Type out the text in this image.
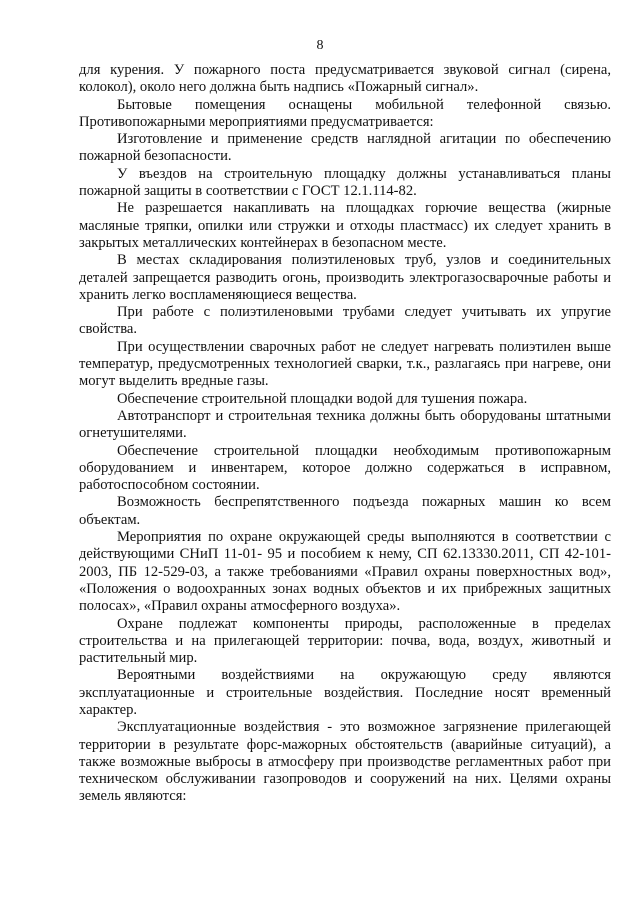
8

для курения. У пожарного поста предусматривается звуковой сигнал (сирена, колокол), около него должна быть надпись «Пожарный сигнал».

Бытовые помещения оснащены мобильной телефонной связью. Противопожарными мероприятиями предусматривается:

Изготовление и применение средств наглядной агитации по обеспечению пожарной безопасности.

У въездов на строительную площадку должны устанавливаться планы пожарной защиты в соответствии с ГОСТ 12.1.114-82.

Не разрешается накапливать на площадках горючие вещества (жирные масляные тряпки, опилки или стружки и отходы пластмасс) их следует хранить в закрытых металлических контейнерах в безопасном месте.

В местах складирования полиэтиленовых труб, узлов и соединительных деталей запрещается разводить огонь, производить электрогазосварочные работы и хранить легко воспламеняющиеся вещества.

При работе с полиэтиленовыми трубами следует учитывать их упругие свойства.

При осуществлении сварочных работ не следует нагревать полиэтилен выше температур, предусмотренных технологией сварки, т.к., разлагаясь при нагреве, они могут выделить вредные газы.

Обеспечение строительной площадки водой для тушения пожара.

Автотранспорт и строительная техника должны быть оборудованы штатными огнетушителями.

Обеспечение строительной площадки необходимым противопожарным оборудованием и инвентарем, которое должно содержаться в исправном, работоспособном состоянии.

Возможность беспрепятственного подъезда пожарных машин ко всем объектам.

Мероприятия по охране окружающей среды выполняются в соответствии с действующими СНиП 11-01- 95 и пособием к нему, СП 62.13330.2011, СП 42-101-2003, ПБ 12-529-03, а также требованиями «Правил охраны поверхностных вод», «Положения о водоохранных зонах водных объектов и их прибрежных защитных полосах», «Правил охраны атмосферного воздуха».

Охране подлежат компоненты природы, расположенные в пределах строительства и на прилегающей территории: почва, вода, воздух, животный и растительный мир.

Вероятными воздействиями на окружающую среду являются эксплуатационные и строительные воздействия. Последние носят временный характер.

Эксплуатационные воздействия - это возможное загрязнение прилегающей территории в результате форс-мажорных обстоятельств (аварийные ситуаций), а также возможные выбросы в атмосферу при производстве регламентных работ при техническом обслуживании газопроводов и сооружений на них. Целями охраны земель являются:
